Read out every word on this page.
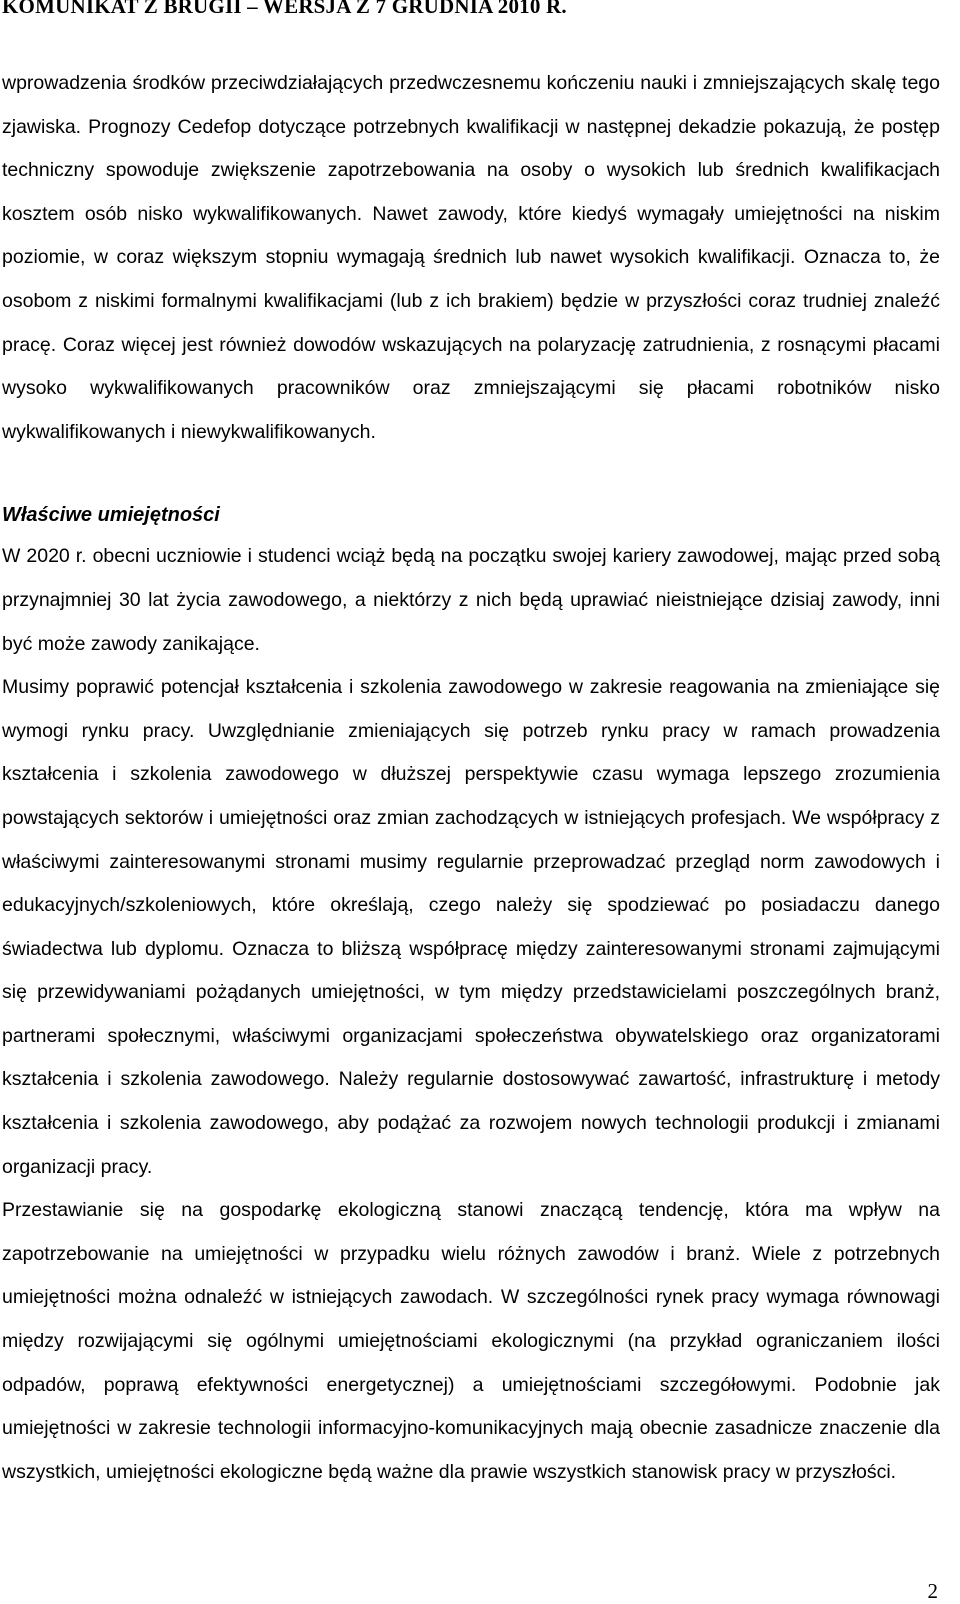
KOMUNIKAT Z BRUGII – WERSJA Z 7 GRUDNIA 2010 R.

wprowadzenia środków przeciwdziałających przedwczesnemu kończeniu nauki i zmniejszających skalę tego zjawiska. Prognozy Cedefop dotyczące potrzebnych kwalifikacji w następnej dekadzie pokazują, że postęp techniczny spowoduje zwiększenie zapotrzebowania na osoby o wysokich lub średnich kwalifikacjach kosztem osób nisko wykwalifikowanych. Nawet zawody, które kiedyś wymagały umiejętności na niskim poziomie, w coraz większym stopniu wymagają średnich lub nawet wysokich kwalifikacji. Oznacza to, że osobom z niskimi formalnymi kwalifikacjami (lub z ich brakiem) będzie w przyszłości coraz trudniej znaleźć pracę. Coraz więcej jest również dowodów wskazujących na polaryzację zatrudnienia, z rosnącymi płacami wysoko wykwalifikowanych pracowników oraz zmniejszającymi się płacami robotników nisko wykwalifikowanych i niewykwalifikowanych.

Właściwe umiejętności

W 2020 r. obecni uczniowie i studenci wciąż będą na początku swojej kariery zawodowej, mając przed sobą przynajmniej 30 lat życia zawodowego, a niektórzy z nich będą uprawiać nieistniejące dzisiaj zawody, inni być może zawody zanikające.

Musimy poprawić potencjał kształcenia i szkolenia zawodowego w zakresie reagowania na zmieniające się wymogi rynku pracy. Uwzględnianie zmieniających się potrzeb rynku pracy w ramach prowadzenia kształcenia i szkolenia zawodowego w dłuższej perspektywie czasu wymaga lepszego zrozumienia powstających sektorów i umiejętności oraz zmian zachodzących w istniejących profesjach. We współpracy z właściwymi zainteresowanymi stronami musimy regularnie przeprowadzać przegląd norm zawodowych i edukacyjnych/szkoleniowych, które określają, czego należy się spodziewać po posiadaczu danego świadectwa lub dyplomu. Oznacza to bliższą współpracę między zainteresowanymi stronami zajmującymi się przewidywaniami pożądanych umiejętności, w tym między przedstawicielami poszczególnych branż, partnerami społecznymi, właściwymi organizacjami społeczeństwa obywatelskiego oraz organizatorami kształcenia i szkolenia zawodowego. Należy regularnie dostosowywać zawartość, infrastrukturę i metody kształcenia i szkolenia zawodowego, aby podążać za rozwojem nowych technologii produkcji i zmianami organizacji pracy.

Przestawianie się na gospodarkę ekologiczną stanowi znaczącą tendencję, która ma wpływ na zapotrzebowanie na umiejętności w przypadku wielu różnych zawodów i branż. Wiele z potrzebnych umiejętności można odnaleźć w istniejących zawodach. W szczególności rynek pracy wymaga równowagi między rozwijającymi się ogólnymi umiejętnościami ekologicznymi (na przykład ograniczaniem ilości odpadów, poprawą efektywności energetycznej) a umiejętnościami szczegółowymi. Podobnie jak umiejętności w zakresie technologii informacyjno-komunikacyjnych mają obecnie zasadnicze znaczenie dla wszystkich, umiejętności ekologiczne będą ważne dla prawie wszystkich stanowisk pracy w przyszłości.

2
